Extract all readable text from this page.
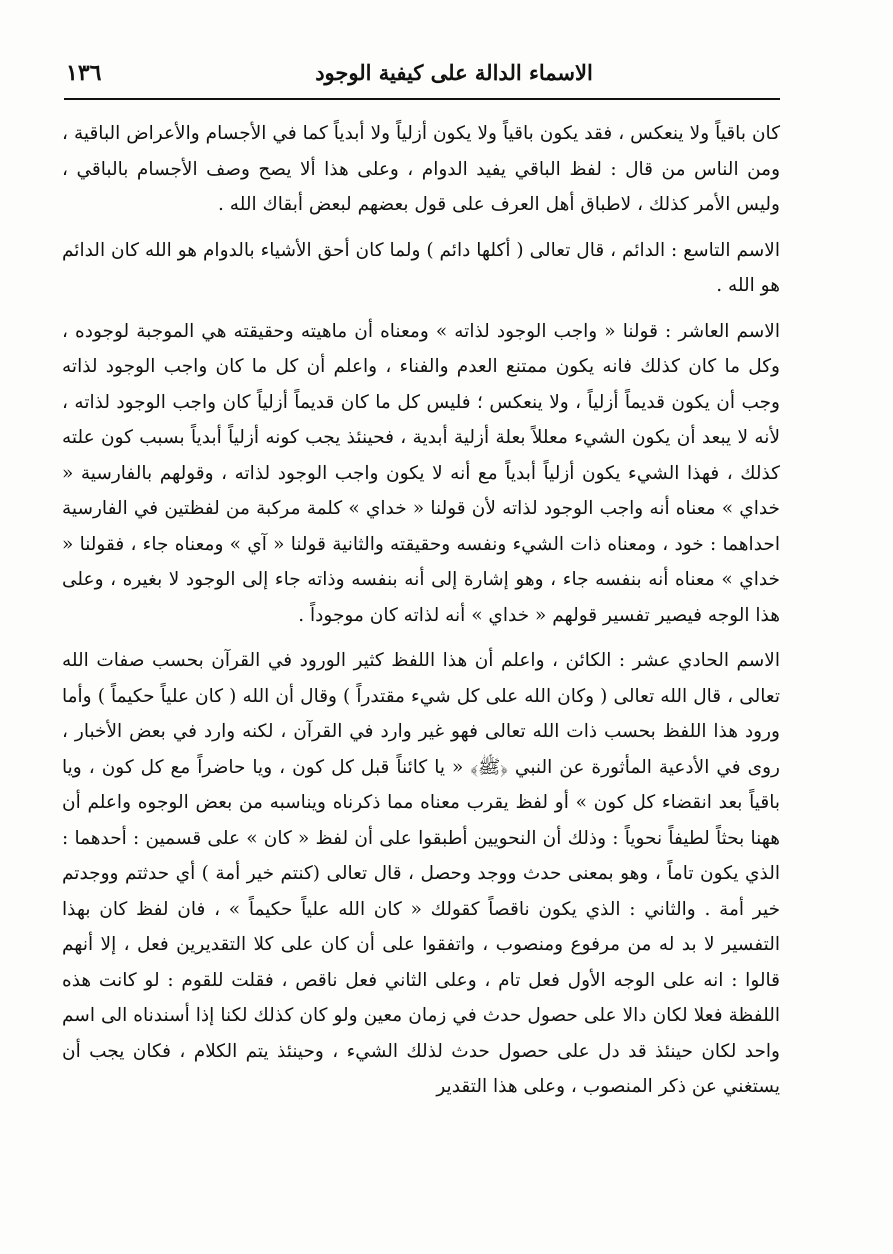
الاسماء الدالة على كيفية الوجود
١٣٦

كان باقياً ولا ينعكس ، فقد يكون باقياً ولا يكون أزلياً ولا أبدياً كما في الأجسام والأعراض الباقية ، ومن الناس من قال : لفظ الباقي يفيد الدوام ، وعلى هذا ألا يصح وصف الأجسام بالباقي ، وليس الأمر كذلك ، لاطباق أهل العرف على قول بعضهم لبعض أبقاك الله .

الاسم التاسع : الدائم ، قال تعالى ( أكلها دائم ) ولما كان أحق الأشياء بالدوام هو الله كان الدائم هو الله .

الاسم العاشر : قولنا « واجب الوجود لذاته » ومعناه أن ماهيته وحقيقته هي الموجبة لوجوده ، وكل ما كان كذلك فانه يكون ممتنع العدم والفناء ، واعلم أن كل ما كان واجب الوجود لذاته وجب أن يكون قديماً أزلياً ، ولا ينعكس ؛ فليس كل ما كان قديماً أزلياً كان واجب الوجود لذاته ، لأنه لا يبعد أن يكون الشيء معللاً بعلة أزلية أبدية ، فحينئذ يجب كونه أزلياً أبدياً بسبب كون علته كذلك ، فهذا الشيء يكون أزلياً أبدياً مع أنه لا يكون واجب الوجود لذاته ، وقولهم بالفارسية « خداي » معناه أنه واجب الوجود لذاته لأن قولنا « خداي » كلمة مركبة من لفظتين في الفارسية احداهما : خود ، ومعناه ذات الشيء ونفسه وحقيقته والثانية قولنا « آي » ومعناه جاء ، فقولنا « خداي » معناه أنه بنفسه جاء ، وهو إشارة إلى أنه بنفسه وذاته جاء إلى الوجود لا بغيره ، وعلى هذا الوجه فيصير تفسير قولهم « خداي » أنه لذاته كان موجوداً .

الاسم الحادي عشر : الكائن ، واعلم أن هذا اللفظ كثير الورود في القرآن بحسب صفات الله تعالى ، قال الله تعالى ( وكان الله على كل شيء مقتدراً ) وقال أن الله ( كان علياً حكيماً ) وأما ورود هذا اللفظ بحسب ذات الله تعالى فهو غير وارد في القرآن ، لكنه وارد في بعض الأخبار ، روى في الأدعية المأثورة عن النبي ﴿ﷺ﴾ « يا كائناً قبل كل كون ، ويا حاضراً مع كل كون ، ويا باقياً بعد انقضاء كل كون » أو لفظ يقرب معناه مما ذكرناه ويناسبه من بعض الوجوه واعلم أن ههنا بحثاً لطيفاً نحوياً : وذلك أن النحويين أطبقوا على أن لفظ « كان » على قسمين : أحدهما : الذي يكون تاماً ، وهو بمعنى حدث ووجد وحصل ، قال تعالى (كنتم خير أمة ) أي حدثتم ووجدتم خير أمة . والثاني : الذي يكون ناقصاً كقولك « كان الله علياً حكيماً » ، فان لفظ كان بهذا التفسير لا بد له من مرفوع ومنصوب ، واتفقوا على أن كان على كلا التقديرين فعل ، إلا أنهم قالوا : انه على الوجه الأول فعل تام ، وعلى الثاني فعل ناقص ، فقلت للقوم : لو كانت هذه اللفظة فعلا لكان دالا على حصول حدث في زمان معين ولو كان كذلك لكنا إذا أسندناه الى اسم واحد لكان حينئذ قد دل على حصول حدث لذلك الشيء ، وحينئذ يتم الكلام ، فكان يجب أن يستغني عن ذكر المنصوب ، وعلى هذا التقدير
